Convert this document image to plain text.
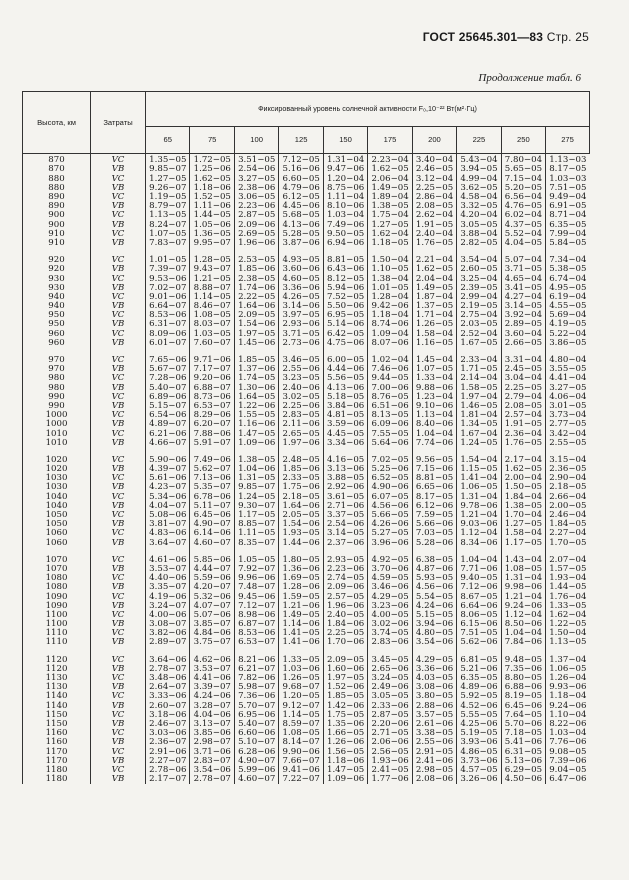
ГОСТ 25645.301—83 Стр. 25
Продолжение табл. 6
Высота, км	Затраты	Фиксированный уровень солнечной активности F₀,10⁻²² Вт(м²·Гц)									
		65	75	100	125	150	175	200	225	250	275
870	VC	1.35−05	1.72−05	3.51−05	7.12−05	1.31−04	2.23−04	3.40−04	5.43−04	7.80−04	1.13−03
870	VB	9.85−07	1.25−06	2.54−06	5.16−06	9.47−06	1.62−05	2.46−05	3.94−05	5.65−05	8.17−05
880	VC	1.27−05	1.62−05	3.27−05	6.60−05	1.20−04	2.06−04	3.12−04	4.99−04	7.15−04	1.03−03
880	VB	9.26−07	1.18−06	2.38−06	4.79−06	8.75−06	1.49−05	2.25−05	3.62−05	5.20−05	7.51−05
890	VC	1.19−05	1.52−05	3.06−05	6.12−05	1.11−04	1.89−04	2.86−04	4.58−04	6.56−04	9.49−04
890	VB	8.79−07	1.11−06	2.23−06	4.45−06	8.10−06	1.38−05	2.08−05	3.32−05	4.76−05	6.91−05
900	VC	1.13−05	1.44−05	2.87−05	5.68−05	1.03−04	1.75−04	2.62−04	4.20−04	6.02−04	8.71−04
900	VB	8.24−07	1.05−06	2.09−06	4.13−06	7.49−06	1.27−05	1.91−05	3.05−05	4.37−05	6.35−05
910	VC	1.07−05	1.36−05	2.69−05	5.28−05	9.50−05	1.62−04	2.40−04	3.88−04	5.52−04	7.99−04
910	VB	7.83−07	9.95−07	1.96−06	3.87−06	6.94−06	1.18−05	1.76−05	2.82−05	4.04−05	5.84−05

920	VC	1.01−05	1.28−05	2.53−05	4.93−05	8.81−05	1.50−04	2.21−04	3.54−04	5.07−04	7.34−04
920	VB	7.39−07	9.43−07	1.85−06	3.60−06	6.43−06	1.10−05	1.62−05	2.60−05	3.71−05	5.38−05
930	VC	9.53−06	1.21−05	2.38−05	4.60−05	8.12−05	1.38−04	2.04−04	3.25−04	4.65−04	6.74−04
930	VB	7.02−07	8.88−07	1.74−06	3.36−06	5.94−06	1.01−05	1.49−05	2.39−05	3.41−05	4.95−05
940	VC	9.01−06	1.14−05	2.22−05	4.26−05	7.52−05	1.28−04	1.87−04	2.99−04	4.27−04	6.19−04
940	VB	6.64−07	8.46−07	1.64−06	3.14−06	5.50−06	9.42−06	1.37−05	2.19−05	3.14−05	4.55−05
950	VC	8.53−06	1.08−05	2.09−05	3.97−05	6.95−05	1.18−04	1.71−04	2.75−04	3.92−04	5.69−04
950	VB	6.31−07	8.03−07	1.54−06	2.93−06	5.14−06	8.74−06	1.26−05	2.03−05	2.89−05	4.19−05
960	VC	8.09−06	1.03−05	1.97−05	3.71−05	6.42−05	1.09−04	1.58−04	2.52−04	3.60−04	5.22−04
960	VB	6.01−07	7.60−07	1.45−06	2.73−06	4.75−06	8.07−06	1.16−05	1.67−05	2.66−05	3.86−05

970	VC	7.65−06	9.71−06	1.85−05	3.46−05	6.00−05	1.02−04	1.45−04	2.33−04	3.31−04	4.80−04
970	VB	5.67−07	7.17−07	1.37−06	2.55−06	4.44−06	7.46−06	1.07−05	1.71−05	2.45−05	3.55−05
980	VC	7.28−06	9.20−06	1.74−05	3.23−05	5.56−05	9.44−05	1.33−04	2.14−04	3.04−04	4.41−04
980	VB	5.40−07	6.88−07	1.30−06	2.40−06	4.13−06	7.00−06	9.88−06	1.58−05	2.25−05	3.27−05
990	VC	6.89−06	8.73−06	1.64−05	3.02−05	5.18−05	8.76−05	1.23−04	1.97−04	2.79−04	4.06−04
990	VB	5.15−07	6.53−07	1.22−06	2.25−06	3.84−06	6.51−06	9.10−06	1.46−05	2.08−05	3.01−05
1000	VC	6.54−06	8.29−06	1.55−05	2.83−05	4.81−05	8.13−05	1.13−04	1.81−04	2.57−04	3.73−04
1000	VB	4.89−07	6.20−07	1.16−06	2.11−06	3.59−06	6.09−06	8.40−06	1.34−05	1.91−05	2.77−05
1010	VC	6.21−06	7.88−06	1.47−05	2.65−05	4.45−05	7.55−05	1.04−04	1.67−04	2.36−04	3.42−04
1010	VB	4.66−07	5.91−07	1.09−06	1.97−06	3.34−06	5.64−06	7.74−06	1.24−05	1.76−05	2.55−05

1020	VC	5.90−06	7.49−06	1.38−05	2.48−05	4.16−05	7.02−05	9.56−05	1.54−04	2.17−04	3.15−04
1020	VB	4.39−07	5.62−07	1.04−06	1.85−06	3.13−06	5.25−06	7.15−06	1.15−05	1.62−05	2.36−05
1030	VC	5.61−06	7.13−06	1.31−05	2.33−05	3.88−05	6.52−05	8.81−05	1.41−04	2.00−04	2.90−04
1030	VB	4.23−07	5.35−07	9.85−07	1.75−06	2.92−06	4.90−06	6.65−06	1.06−05	1.50−05	2.18−05
1040	VC	5.34−06	6.78−06	1.24−05	2.18−05	3.61−05	6.07−05	8.17−05	1.31−04	1.84−04	2.66−04
1040	VB	4.04−07	5.11−07	9.30−07	1.64−06	2.71−06	4.56−06	6.12−06	9.78−06	1.38−05	2.00−05
1050	VC	5.08−06	6.45−06	1.17−05	2.05−05	3.37−05	5.66−05	7.59−05	1.21−04	1.70−04	2.46−04
1050	VB	3.81−07	4.90−07	8.85−07	1.54−06	2.54−06	4.26−06	5.66−06	9.03−06	1.27−05	1.84−05
1060	VC	4.83−06	6.14−06	1.11−05	1.93−05	3.14−05	5.27−05	7.03−05	1.12−04	1.58−04	2.27−04
1060	VB	3.64−07	4.60−07	8.35−07	1.44−06	2.37−06	3.96−06	5.28−06	8.34−06	1.17−05	1.70−05

1070	VC	4.61−06	5.85−06	1.05−05	1.80−05	2.93−05	4.92−05	6.38−05	1.04−04	1.43−04	2.07−04
1070	VB	3.53−07	4.44−07	7.92−07	1.36−06	2.23−06	3.70−06	4.87−06	7.71−06	1.08−05	1.57−05
1080	VC	4.40−06	5.59−06	9.96−06	1.69−05	2.74−05	4.59−05	5.93−05	9.40−05	1.31−04	1.93−04
1080	VB	3.35−07	4.20−07	7.48−07	1.28−06	2.09−06	3.46−06	4.56−06	7.12−06	9.98−06	1.44−05
1090	VC	4.19−06	5.32−06	9.45−06	1.59−05	2.57−05	4.29−05	5.54−05	8.67−05	1.21−04	1.76−04
1090	VB	3.24−07	4.07−07	7.12−07	1.21−06	1.96−06	3.23−06	4.24−06	6.64−06	9.24−06	1.33−05
1100	VC	4.00−06	5.07−06	8.98−06	1.49−05	2.40−05	4.00−05	5.15−05	8.06−05	1.12−04	1.62−04
1100	VB	3.08−07	3.85−07	6.87−07	1.14−06	1.84−06	3.02−06	3.94−06	6.15−06	8.50−06	1.22−05
1110	VC	3.82−06	4.84−06	8.53−06	1.41−05	2.25−05	3.74−05	4.80−05	7.51−05	1.04−04	1.50−04
1110	VB	2.89−07	3.75−07	6.53−07	1.41−06	1.70−06	2.83−06	3.54−06	5.62−06	7.84−06	1.13−05

1120	VC	3.64−06	4.62−06	8.21−06	1.33−05	2.09−05	3.45−05	4.29−05	6.81−05	9.48−05	1.37−04
1120	VB	2.78−07	3.53−07	6.21−07	1.03−06	1.60−06	2.65−06	3.36−06	5.21−06	7.35−06	1.06−05
1130	VC	3.48−06	4.41−06	7.82−06	1.26−05	1.97−05	3.24−05	4.03−05	6.35−05	8.80−05	1.26−04
1130	VB	2.64−07	3.39−07	5.98−07	9.68−07	1.52−06	2.49−06	3.08−06	4.89−06	6.88−06	9.93−06
1140	VC	3.33−06	4.24−06	7.36−06	1.20−05	1.85−05	3.05−05	3.80−05	5.92−05	8.19−05	1.18−04
1140	VB	2.60−07	3.28−07	5.70−07	9.12−07	1.42−06	2.33−06	2.88−06	4.52−06	6.45−06	9.24−06
1150	VC	3.18−06	4.04−06	6.95−06	1.14−05	1.75−05	2.87−05	3.57−05	5.55−05	7.64−05	1.10−04
1150	VB	2.46−07	3.13−07	5.40−07	8.59−07	1.35−06	2.20−06	2.61−06	4.25−06	5.70−06	8.22−06
1160	VC	3.03−06	3.85−06	6.60−06	1.08−05	1.66−05	2.71−05	3.38−05	5.19−05	7.18−05	1.03−04
1160	VB	2.36−07	2.98−07	5.10−07	8.14−07	1.26−06	2.06−06	2.55−06	3.93−06	5.41−06	7.76−06
1170	VC	2.91−06	3.71−06	6.28−06	9.90−06	1.56−05	2.56−05	2.91−05	4.86−05	6.31−05	9.08−05
1170	VB	2.27−07	2.83−07	4.90−07	7.66−07	1.18−06	1.93−06	2.41−06	3.73−06	5.13−06	7.39−06
1180	VC	2.78−06	3.54−06	5.99−06	9.41−06	1.47−05	2.41−05	2.98−05	4.57−05	6.29−05	9.04−05
1180	VB	2.17−07	2.78−07	4.60−07	7.22−07	1.09−06	1.77−06	2.08−06	3.26−06	4.50−06	6.47−06
